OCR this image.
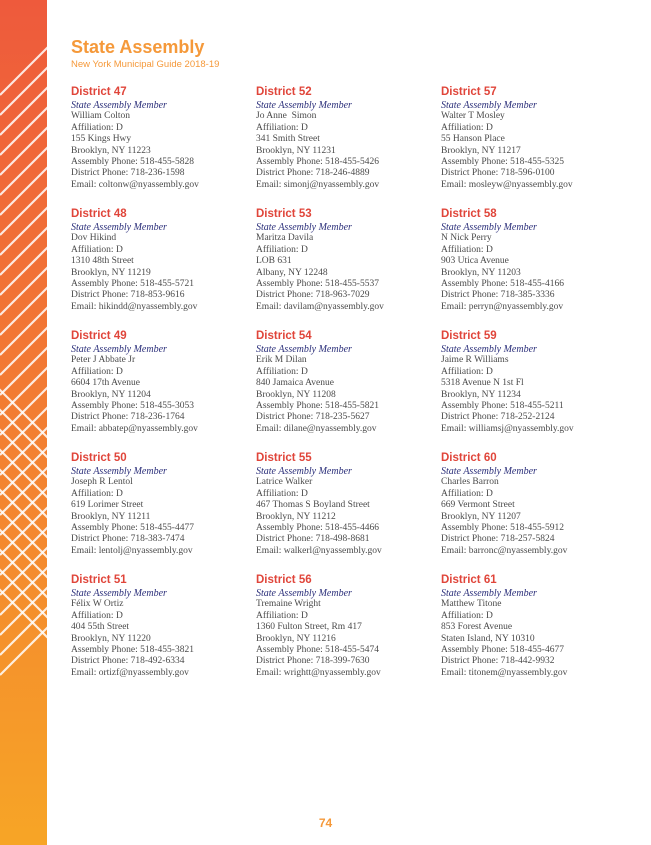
State Assembly
New York Municipal Guide 2018-19
District 47
State Assembly Member
William Colton
Affiliation: D
155 Kings Hwy
Brooklyn, NY 11223
Assembly Phone: 518-455-5828
District Phone: 718-236-1598
Email: coltonw@nyassembly.gov
District 48
State Assembly Member
Dov Hikind
Affiliation: D
1310 48th Street
Brooklyn, NY 11219
Assembly Phone: 518-455-5721
District Phone: 718-853-9616
Email: hikindd@nyassembly.gov
District 49
State Assembly Member
Peter J Abbate Jr
Affiliation: D
6604 17th Avenue
Brooklyn, NY 11204
Assembly Phone: 518-455-3053
District Phone: 718-236-1764
Email: abbatep@nyassembly.gov
District 50
State Assembly Member
Joseph R Lentol
Affiliation: D
619 Lorimer Street
Brooklyn, NY 11211
Assembly Phone: 518-455-4477
District Phone: 718-383-7474
Email: lentolj@nyassembly.gov
District 51
State Assembly Member
Félix W Ortiz
Affiliation: D
404 55th Street
Brooklyn, NY 11220
Assembly Phone: 518-455-3821
District Phone: 718-492-6334
Email: ortizf@nyassembly.gov
District 52
State Assembly Member
Jo Anne  Simon
Affiliation: D
341 Smith Street
Brooklyn, NY 11231
Assembly Phone: 518-455-5426
District Phone: 718-246-4889
Email: simonj@nyassembly.gov
District 53
State Assembly Member
Maritza Davila
Affiliation: D
LOB 631
Albany, NY 12248
Assembly Phone: 518-455-5537
District Phone: 718-963-7029
Email: davilam@nyassembly.gov
District 54
State Assembly Member
Erik M Dilan
Affiliation: D
840 Jamaica Avenue
Brooklyn, NY 11208
Assembly Phone: 518-455-5821
District Phone: 718-235-5627
Email: dilane@nyassembly.gov
District 55
State Assembly Member
Latrice Walker
Affiliation: D
467 Thomas S Boyland Street
Brooklyn, NY 11212
Assembly Phone: 518-455-4466
District Phone: 718-498-8681
Email: walkerl@nyassembly.gov
District 56
State Assembly Member
Tremaine Wright
Affiliation: D
1360 Fulton Street, Rm 417
Brooklyn, NY 11216
Assembly Phone: 518-455-5474
District Phone: 718-399-7630
Email: wrightt@nyassembly.gov
District 57
State Assembly Member
Walter T Mosley
Affiliation: D
55 Hanson Place
Brooklyn, NY 11217
Assembly Phone: 518-455-5325
District Phone: 718-596-0100
Email: mosleyw@nyassembly.gov
District 58
State Assembly Member
N Nick Perry
Affiliation: D
903 Utica Avenue
Brooklyn, NY 11203
Assembly Phone: 518-455-4166
District Phone: 718-385-3336
Email: perryn@nyassembly.gov
District 59
State Assembly Member
Jaime R Williams
Affiliation: D
5318 Avenue N 1st Fl
Brooklyn, NY 11234
Assembly Phone: 518-455-5211
District Phone: 718-252-2124
Email: williamsj@nyassembly.gov
District 60
State Assembly Member
Charles Barron
Affiliation: D
669 Vermont Street
Brooklyn, NY 11207
Assembly Phone: 518-455-5912
District Phone: 718-257-5824
Email: barronc@nyassembly.gov
District 61
State Assembly Member
Matthew Titone
Affiliation: D
853 Forest Avenue
Staten Island, NY 10310
Assembly Phone: 518-455-4677
District Phone: 718-442-9932
Email: titonem@nyassembly.gov
74
